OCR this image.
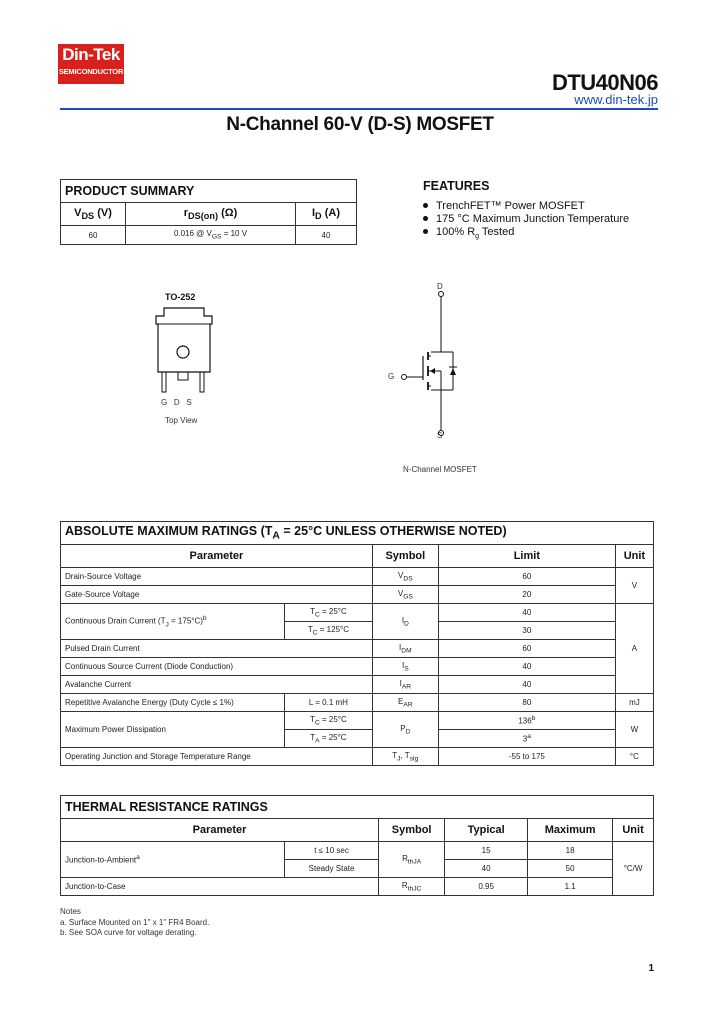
Din-Tek
SEMICONDUCTOR	DTU40N06
www.din-tek.jp
N-Channel 60-V (D-S) MOSFET
PRODUCT SUMMARY		
$V_{DS}$ (V)	$r_{DS(on)}$ (Ω)	$I_D$ (A)
60	0.016 @ $V_{GS} = 10$ V	40
FEATURES
TrenchFET™ Power MOSFET
175 °C Maximum Junction Temperature
100% $R_g$ Tested
TO-252
G   D   S
Top View
D
G
S
N-Channel MOSFET
ABSOLUTE MAXIMUM RATINGS ($T_A = 25^\circ C$ UNLESS OTHERWISE NOTED)				
Parameter		Symbol	Limit	Unit
Drain-Source Voltage		$V_{DS}$	60	V
Gate-Source Voltage		$V_{GS}$	20	
Continuous Drain Current $(T_J = 175^\circ C)^b$	$T_C = 25^\circ C$	$I_D$	40	A
	$T_C = 125^\circ C$		30	
Pulsed Drain Current		$I_{DM}$	60	
Continuous Source Current (Diode Conduction)		$I_S$	40	
Avalanche Current		$I_{AR}$	40	
Repetitive Avalanche Energy (Duty Cycle ≤ 1%)	L = 0.1 mH	$E_{AR}$	80	mJ
Maximum Power Dissipation	$T_C = 25^\circ C$	$P_D$	136$^b$	W
	$T_A = 25^\circ C$		3$^a$
Operating Junction and Storage Temperature Range		$T_J$, $T_{stg}$	-55 to 175	°C
THERMAL RESISTANCE RATINGS					
Parameter		Symbol	Typical	Maximum	Unit
Junction-to-Ambient$^a$	t ≤ 10 sec	$R_{thJA}$	15	18	°C/W
	Steady State		40	50	
Junction-to-Case		$R_{thJC}$	0.95	1.1	
Notes
a. Surface Mounted on 1" x 1" FR4 Board.
b. See SOA curve for voltage derating.
1
